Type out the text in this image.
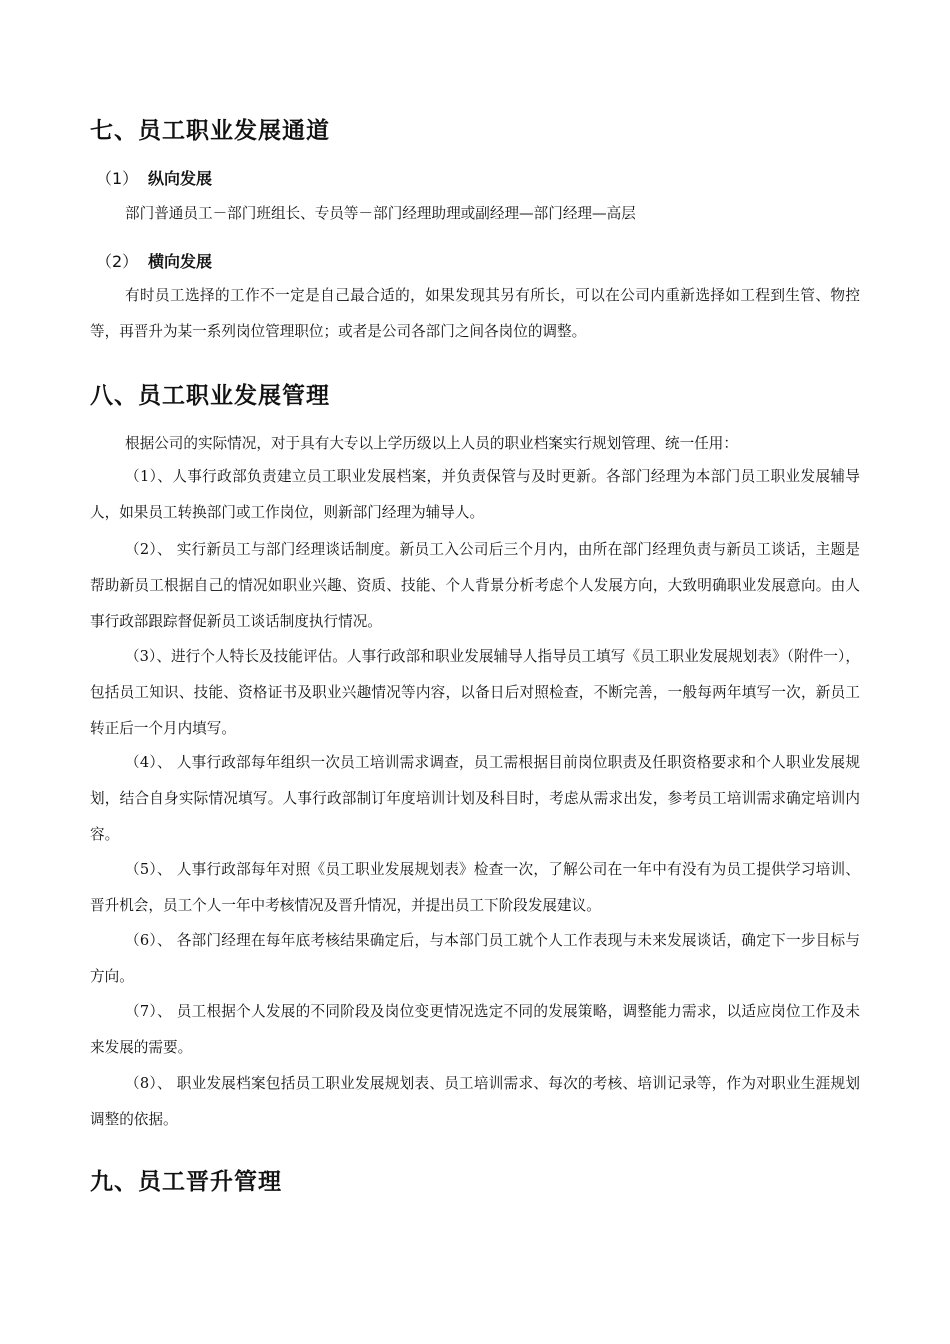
七、员工职业发展通道
（1） 纵向发展
部门普通员工－部门班组长、专员等－部门经理助理或副经理—部门经理—高层
（2） 横向发展
有时员工选择的工作不一定是自己最合适的，如果发现其另有所长，可以在公司内重新选择如工程到生管、物控等，再晋升为某一系列岗位管理职位；或者是公司各部门之间各岗位的调整。
八、员工职业发展管理
根据公司的实际情况，对于具有大专以上学历级以上人员的职业档案实行规划管理、统一任用：
（1）、人事行政部负责建立员工职业发展档案，并负责保管与及时更新。各部门经理为本部门员工职业发展辅导人，如果员工转换部门或工作岗位，则新部门经理为辅导人。
（2）、 实行新员工与部门经理谈话制度。新员工入公司后三个月内，由所在部门经理负责与新员工谈话，主题是帮助新员工根据自己的情况如职业兴趣、资质、技能、个人背景分析考虑个人发展方向，大致明确职业发展意向。由人事行政部跟踪督促新员工谈话制度执行情况。
（3）、进行个人特长及技能评估。人事行政部和职业发展辅导人指导员工填写《员工职业发展规划表》（附件一），包括员工知识、技能、资格证书及职业兴趣情况等内容，以备日后对照检查，不断完善，一般每两年填写一次，新员工转正后一个月内填写。
（4）、 人事行政部每年组织一次员工培训需求调查，员工需根据目前岗位职责及任职资格要求和个人职业发展规划，结合自身实际情况填写。人事行政部制订年度培训计划及科目时，考虑从需求出发，参考员工培训需求确定培训内容。
（5）、 人事行政部每年对照《员工职业发展规划表》检查一次，了解公司在一年中有没有为员工提供学习培训、晋升机会，员工个人一年中考核情况及晋升情况，并提出员工下阶段发展建议。
（6）、 各部门经理在每年底考核结果确定后，与本部门员工就个人工作表现与未来发展谈话，确定下一步目标与方向。
（7）、 员工根据个人发展的不同阶段及岗位变更情况选定不同的发展策略，调整能力需求，以适应岗位工作及未来发展的需要。
（8）、 职业发展档案包括员工职业发展规划表、员工培训需求、每次的考核、培训记录等，作为对职业生涯规划调整的依据。
九、员工晋升管理
